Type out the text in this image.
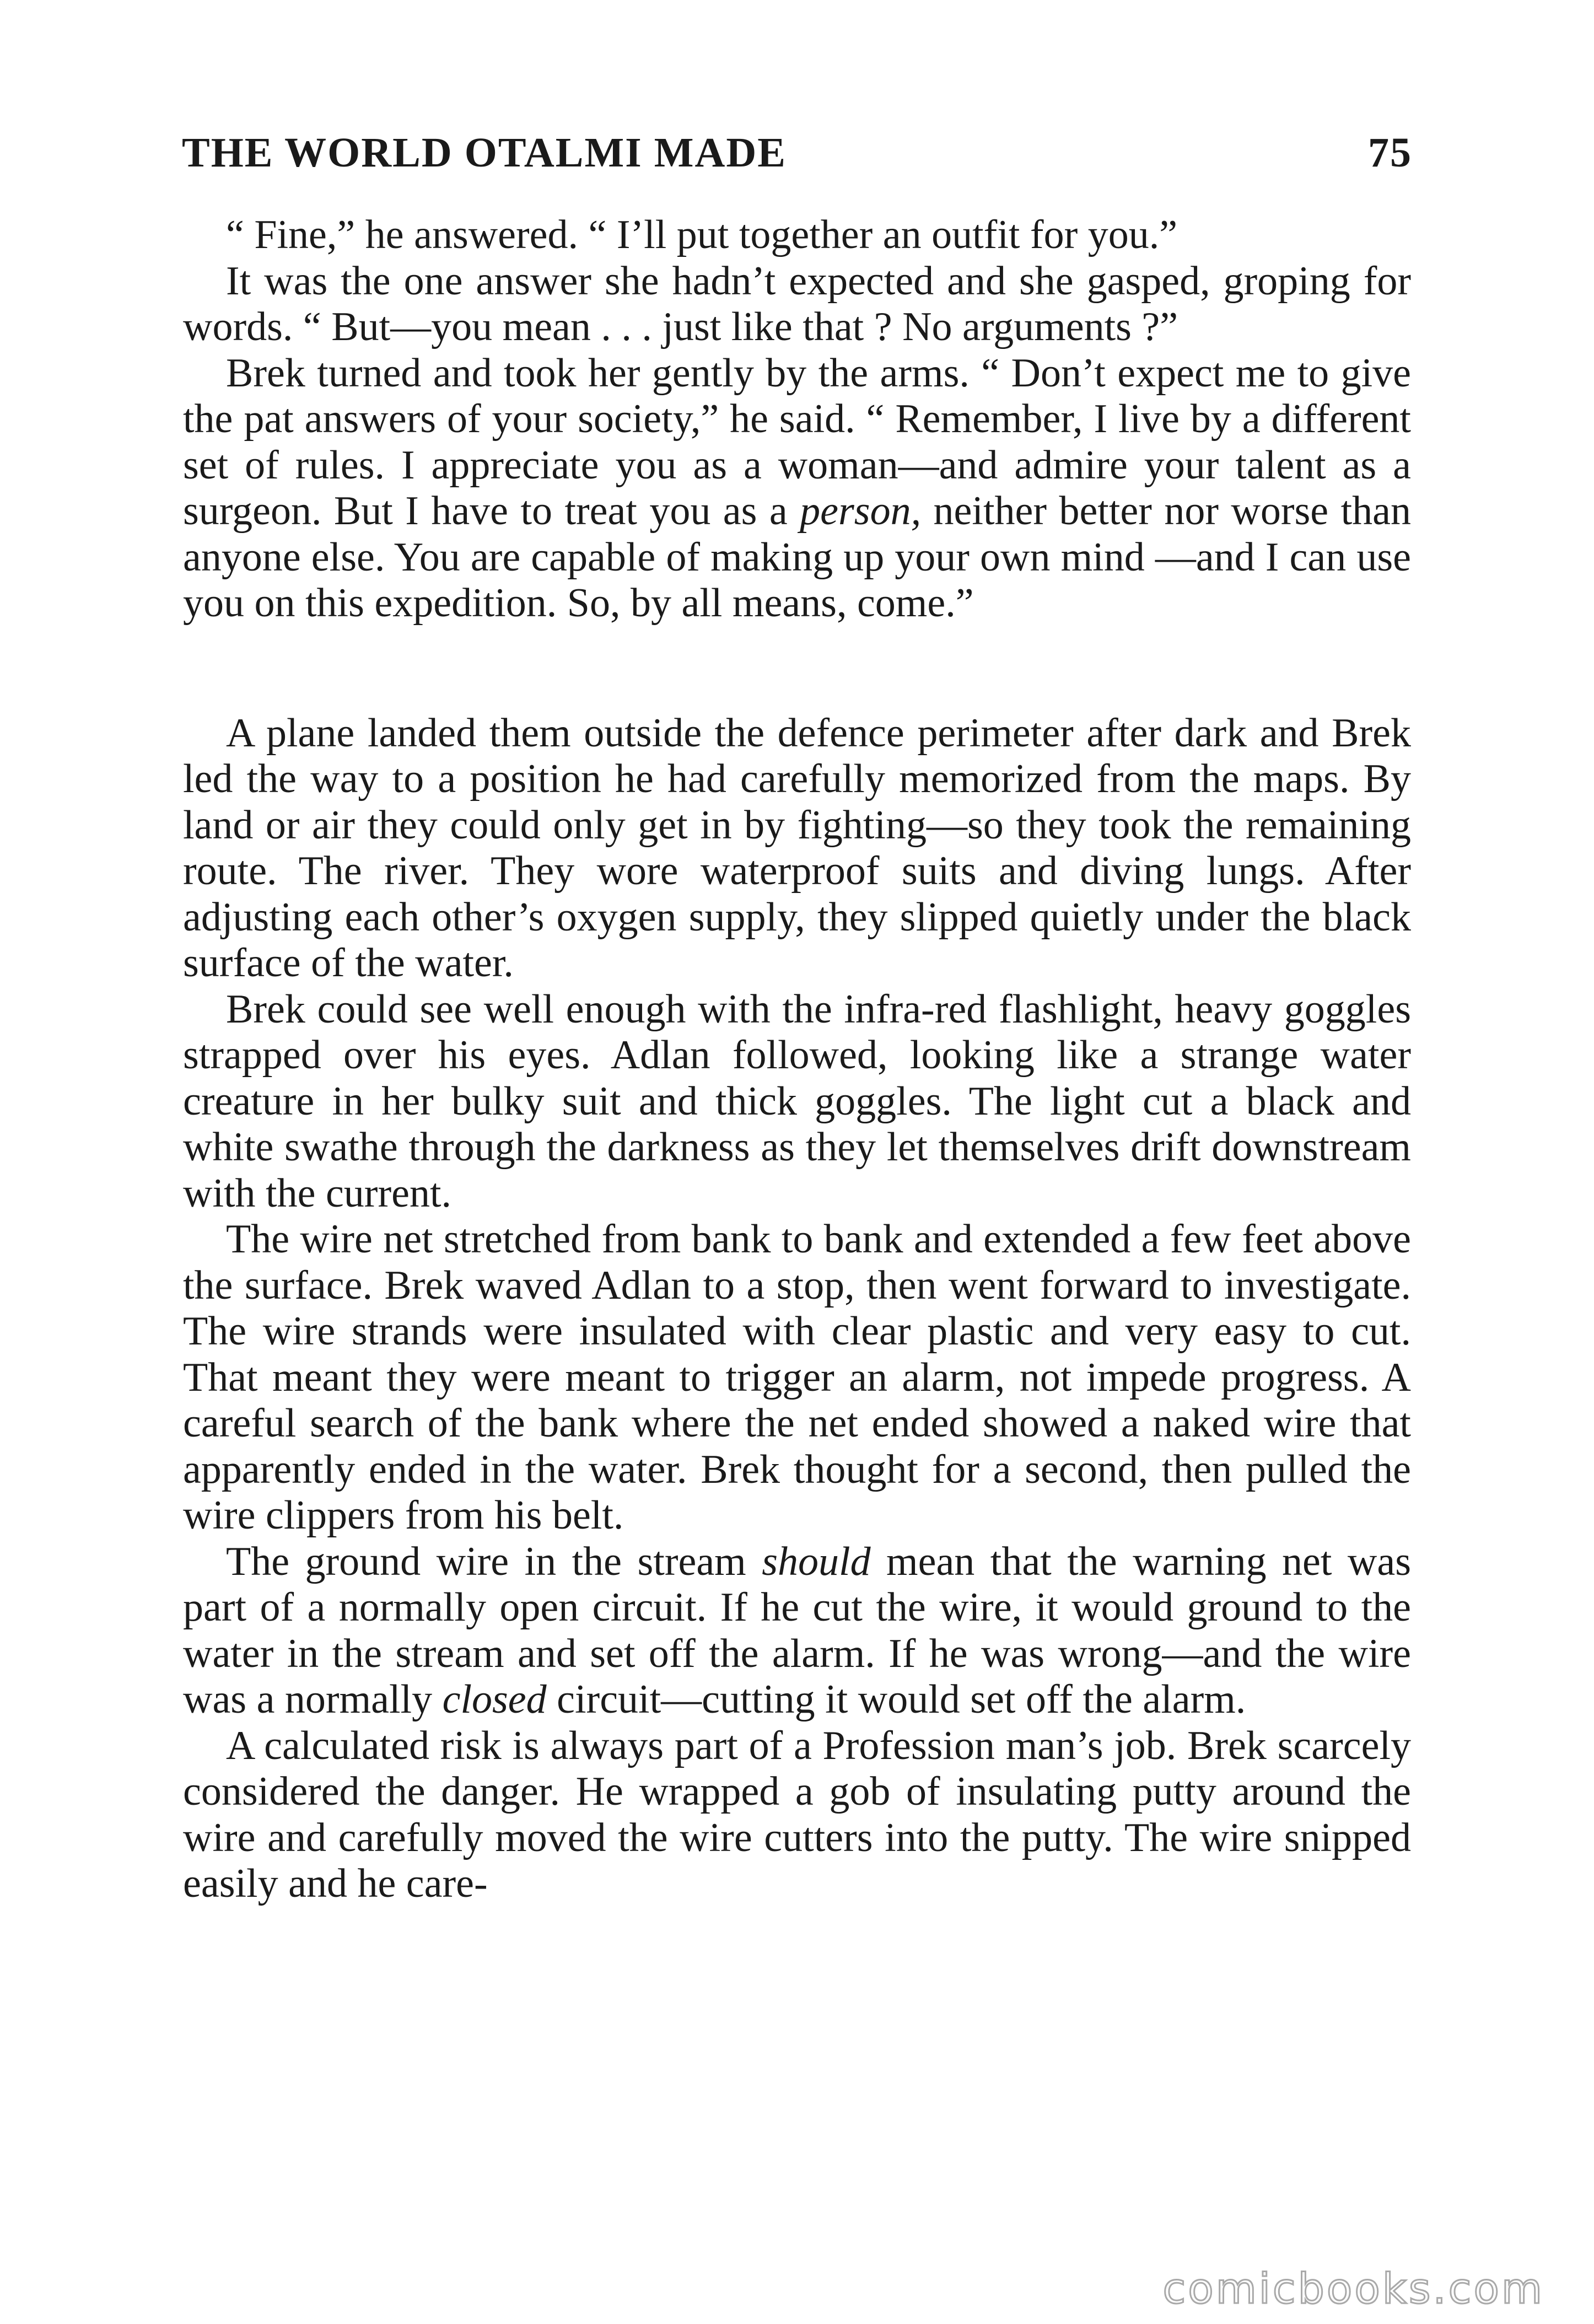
THE WORLD OTALMI MADE	75

“ Fine,” he answered. “ I’ll put together an outfit for you.”

It was the one answer she hadn’t expected and she gasped, groping for words. “ But—you mean . . . just like that ? No arguments ?”

Brek turned and took her gently by the arms. “ Don’t expect me to give the pat answers of your society,” he said. “ Remember, I live by a different set of rules. I appreciate you as a woman—and admire your talent as a surgeon. But I have to treat you as a person, neither better nor worse than anyone else. You are capable of making up your own mind —and I can use you on this expedition. So, by all means, come.”

A plane landed them outside the defence perimeter after dark and Brek led the way to a position he had carefully memorized from the maps. By land or air they could only get in by fighting—so they took the remaining route. The river. They wore waterproof suits and diving lungs. After adjusting each other’s oxygen supply, they slipped quietly under the black surface of the water.

Brek could see well enough with the infra-red flashlight, heavy goggles strapped over his eyes. Adlan followed, looking like a strange water creature in her bulky suit and thick goggles. The light cut a black and white swathe through the darkness as they let themselves drift downstream with the current.

The wire net stretched from bank to bank and extended a few feet above the surface. Brek waved Adlan to a stop, then went forward to investigate. The wire strands were insulated with clear plastic and very easy to cut. That meant they were meant to trigger an alarm, not impede progress. A careful search of the bank where the net ended showed a naked wire that apparently ended in the water. Brek thought for a second, then pulled the wire clippers from his belt.

The ground wire in the stream should mean that the warning net was part of a normally open circuit. If he cut the wire, it would ground to the water in the stream and set off the alarm. If he was wrong—and the wire was a normally closed circuit—cutting it would set off the alarm.

A calculated risk is always part of a Profession man’s job. Brek scarcely considered the danger. He wrapped a gob of insulating putty around the wire and carefully moved the wire cutters into the putty. The wire snipped easily and he care-

comicbooks.com
